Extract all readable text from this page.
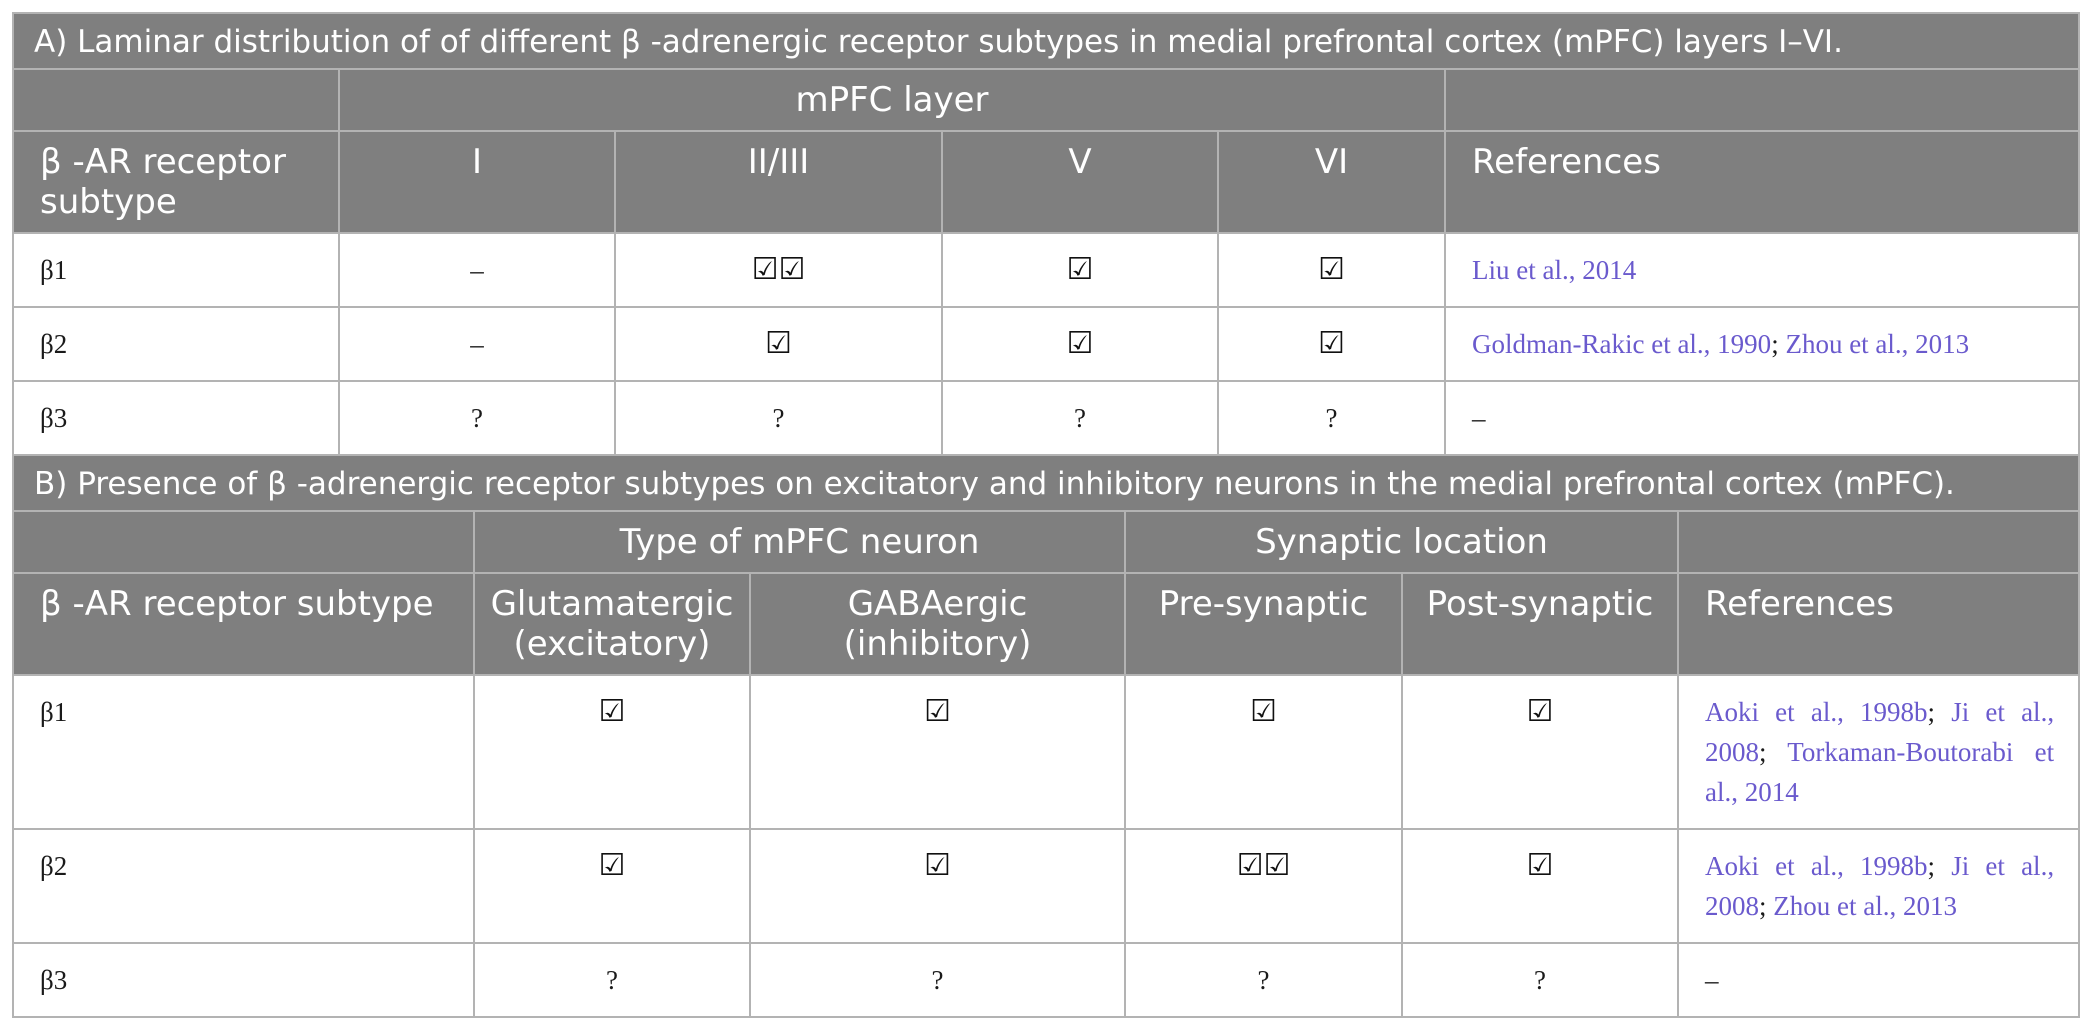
A) Laminar distribution of of different β -adrenergic receptor subtypes in medial prefrontal cortex (mPFC) layers I–VI.					
	mPFC layer				
β -AR receptor subtype	I	II/III	V	VI	References
β1	–	☑☑	☑	☑	Liu et al., 2014
β2	–	☑	☑	☑	Goldman-Rakic et al., 1990; Zhou et al., 2013
β3	?	?	?	?	–
B) Presence of β -adrenergic receptor subtypes on excitatory and inhibitory neurons in the medial prefrontal cortex (mPFC).					
	Type of mPFC neuron		Synaptic location		
β -AR receptor subtype	Glutamatergic (excitatory)	GABAergic (inhibitory)	Pre-synaptic	Post-synaptic	References
β1	☑	☑	☑	☑	Aoki et al., 1998b; Ji et al., 2008; Torkaman-Boutorabi et al., 2014
β2	☑	☑	☑☑	☑	Aoki et al., 1998b; Ji et al., 2008; Zhou et al., 2013
β3	?	?	?	?	–
